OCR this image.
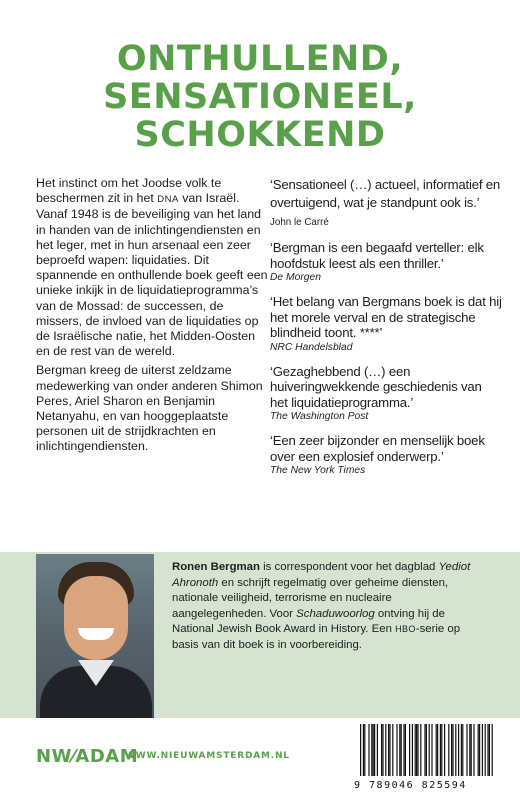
ONTHULLEND,
SENSATIONEEL,
SCHOKKEND

Het instinct om het Joodse volk te beschermen zit in het DNA van Israël. Vanaf 1948 is de beveiliging van het land in handen van de inlichtingendiensten en het leger, met in hun arsenaal een zeer beproefd wapen: liquidaties. Dit spannende en onthullende boek geeft een unieke inkijk in de liquidatieprogramma’s van de Mossad: de successen, de missers, de invloed van de liquidaties op de Israëlische natie, het Midden-Oosten en de rest van de wereld.

Bergman kreeg de uiterst zeldzame medewerking van onder anderen Shimon Peres, Ariel Sharon en Benjamin Netanyahu, en van hooggeplaatste personen uit de strijdkrachten en inlichtingendiensten.

‘Sensationeel (…) actueel, informatief en overtuigend, wat je standpunt ook is.’ John le Carré
‘Bergman is een begaafd verteller: elk hoofdstuk leest als een thriller.’
De Morgen
‘Het belang van Bergmans boek is dat hij het morele verval en de strategische blindheid toont. ****’
NRC Handelsblad
‘Gezaghebbend (…) een huiveringwekkende geschiedenis van het liquidatieprogramma.’
The Washington Post
‘Een zeer bijzonder en menselijk boek over een explosief onderwerp.’
The New York Times
Ronen Bergman is correspondent voor het dagblad Yediot Ahronoth en schrijft regelmatig over geheime diensten, nationale veiligheid, terrorisme en nucleaire aangelegenheden. Voor Schaduwoorlog ontving hij de National Jewish Book Award in History. Een HBO-serie op basis van dit boek is in voorbereiding.
NW⁄ADAM
WWW.NIEUWAMSTERDAM.NL
9 789046 825594
